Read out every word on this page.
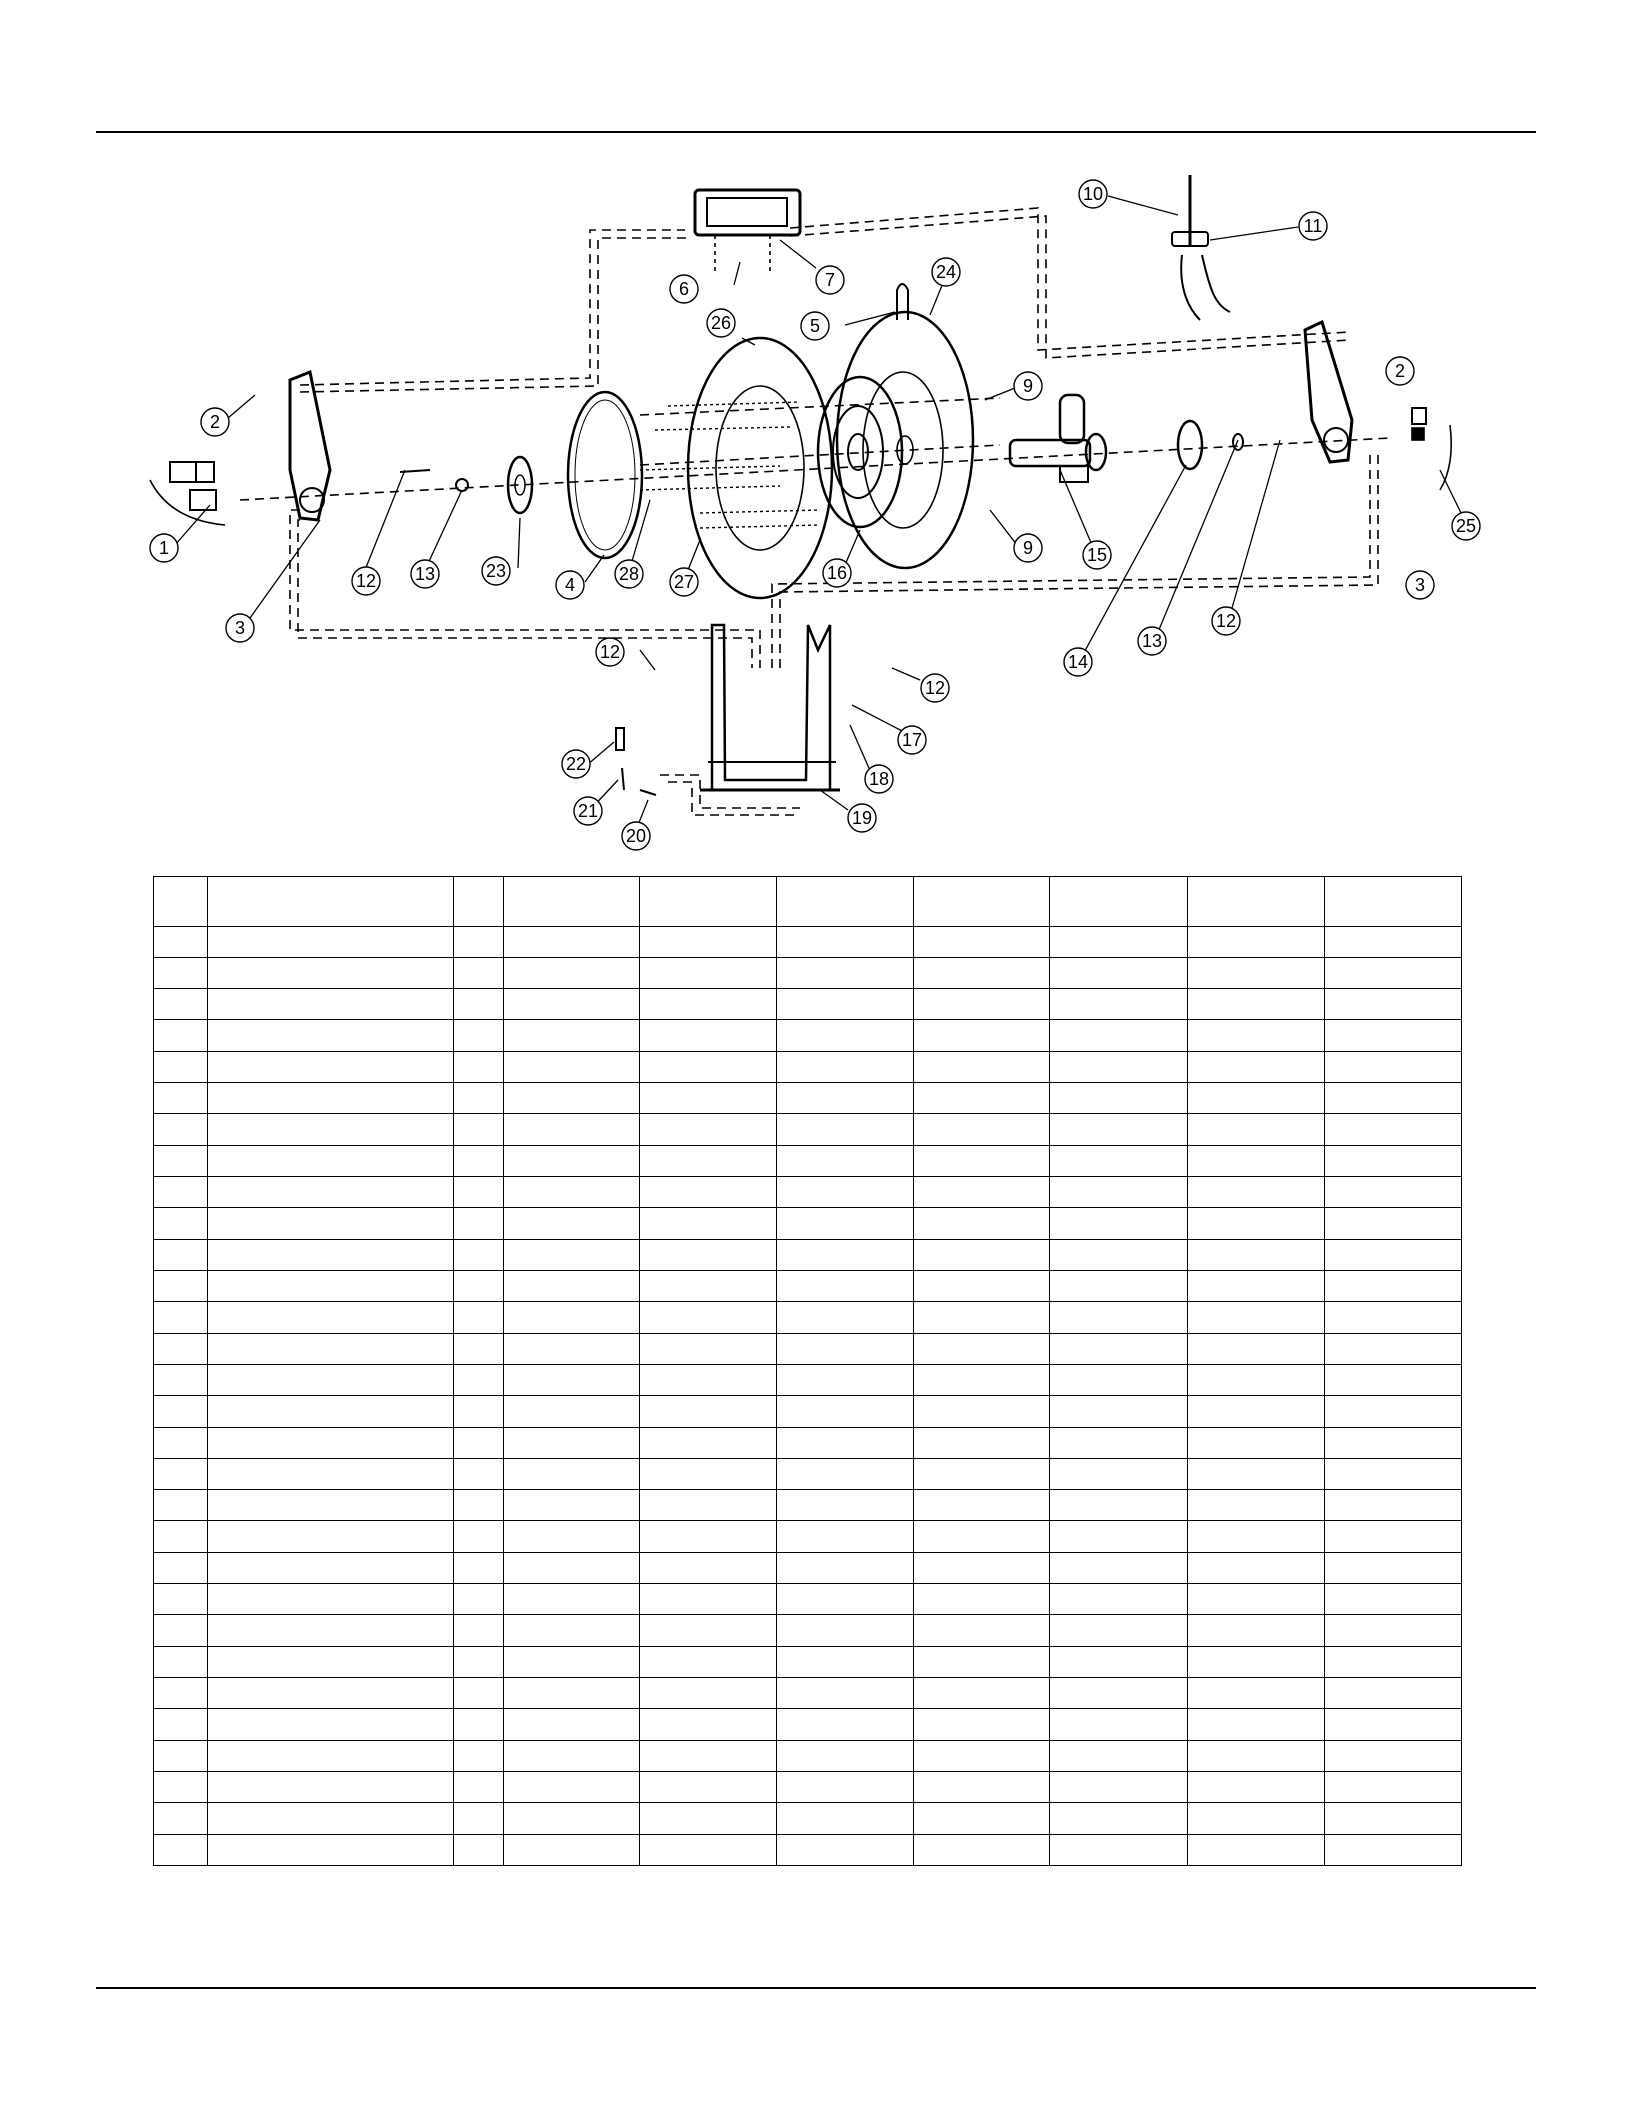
1
2
2
3
3
4
5
6	7
9
9
10
11
12
12
12
12
13
13
14
15
16
17
18
19
20
21
22
23
24
25
26
27
28
